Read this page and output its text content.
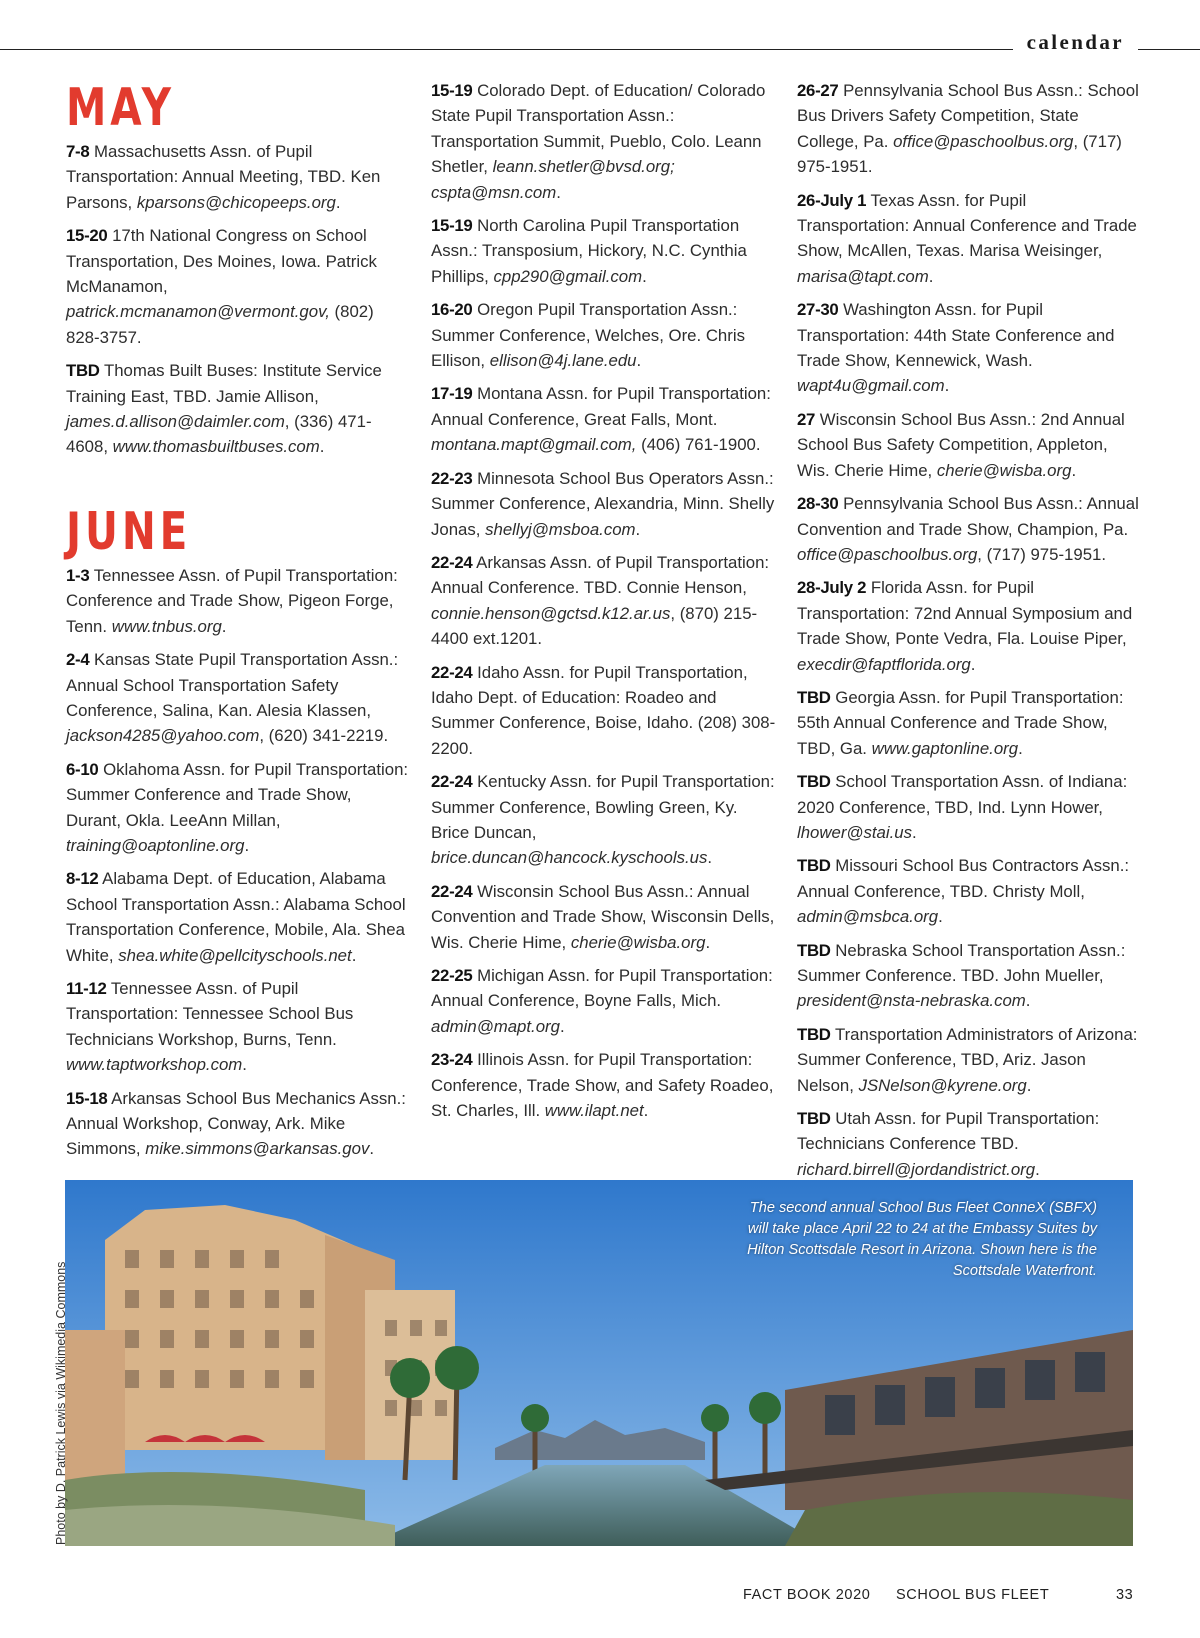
calendar
MAY

7-8 Massachusetts Assn. of Pupil Transportation: Annual Meeting, TBD. Ken Parsons, kparsons@chicopeeps.org.

15-20 17th National Congress on School Transportation, Des Moines, Iowa. Patrick McManamon, patrick.mcmanamon@vermont.gov, (802) 828-3757.

TBD Thomas Built Buses: Institute Service Training East, TBD. Jamie Allison, james.d.allison@daimler.com, (336) 471-4608, www.thomasbuiltbuses.com.

JUNE

1-3 Tennessee Assn. of Pupil Transportation: Conference and Trade Show, Pigeon Forge, Tenn. www.tnbus.org.

2-4 Kansas State Pupil Transportation Assn.: Annual School Transportation Safety Conference, Salina, Kan. Alesia Klassen, jackson4285@yahoo.com, (620) 341-2219.

6-10 Oklahoma Assn. for Pupil Transportation: Summer Conference and Trade Show, Durant, Okla. LeeAnn Millan, training@oaptonline.org.

8-12 Alabama Dept. of Education, Alabama School Transportation Assn.: Alabama School Transportation Conference, Mobile, Ala. Shea White, shea.white@pellcityschools.net.

11-12 Tennessee Assn. of Pupil Transportation: Tennessee School Bus Technicians Workshop, Burns, Tenn. www.taptworkshop.com.

15-18 Arkansas School Bus Mechanics Assn.: Annual Workshop, Conway, Ark. Mike Simmons, mike.simmons@arkansas.gov.

15-19 Colorado Dept. of Education/ Colorado State Pupil Transportation Assn.: Transportation Summit, Pueblo, Colo. Leann Shetler, leann.shetler@bvsd.org; cspta@msn.com.

15-19 North Carolina Pupil Transportation Assn.: Transposium, Hickory, N.C. Cynthia Phillips, cpp290@gmail.com.

16-20 Oregon Pupil Transportation Assn.: Summer Conference, Welches, Ore. Chris Ellison, ellison@4j.lane.edu.

17-19 Montana Assn. for Pupil Transportation: Annual Conference, Great Falls, Mont. montana.mapt@gmail.com, (406) 761-1900.

22-23 Minnesota School Bus Operators Assn.: Summer Conference, Alexandria, Minn. Shelly Jonas, shellyj@msboa.com.

22-24 Arkansas Assn. of Pupil Transportation: Annual Conference. TBD. Connie Henson, connie.henson@gctsd.k12.ar.us, (870) 215-4400 ext.1201.

22-24 Idaho Assn. for Pupil Transportation, Idaho Dept. of Education: Roadeo and Summer Conference, Boise, Idaho. (208) 308-2200.

22-24 Kentucky Assn. for Pupil Transportation: Summer Conference, Bowling Green, Ky. Brice Duncan, brice.duncan@hancock.kyschools.us.

22-24 Wisconsin School Bus Assn.: Annual Convention and Trade Show, Wisconsin Dells, Wis. Cherie Hime, cherie@wisba.org.

22-25 Michigan Assn. for Pupil Transportation: Annual Conference, Boyne Falls, Mich. admin@mapt.org.

23-24 Illinois Assn. for Pupil Transportation: Conference, Trade Show, and Safety Roadeo, St. Charles, Ill. www.ilapt.net.

26-27 Pennsylvania School Bus Assn.: School Bus Drivers Safety Competition, State College, Pa. office@paschoolbus.org, (717) 975-1951.

26-July 1 Texas Assn. for Pupil Transportation: Annual Conference and Trade Show, McAllen, Texas. Marisa Weisinger, marisa@tapt.com.

27-30 Washington Assn. for Pupil Transportation: 44th State Conference and Trade Show, Kennewick, Wash. wapt4u@gmail.com.

27 Wisconsin School Bus Assn.: 2nd Annual School Bus Safety Competition, Appleton, Wis. Cherie Hime, cherie@wisba.org.

28-30 Pennsylvania School Bus Assn.: Annual Convention and Trade Show, Champion, Pa. office@paschoolbus.org, (717) 975-1951.

28-July 2 Florida Assn. for Pupil Transportation: 72nd Annual Symposium and Trade Show, Ponte Vedra, Fla. Louise Piper, execdir@faptflorida.org.

TBD Georgia Assn. for Pupil Transportation: 55th Annual Conference and Trade Show, TBD, Ga. www.gaptonline.org.

TBD School Transportation Assn. of Indiana: 2020 Conference, TBD, Ind. Lynn Hower, lhower@stai.us.

TBD Missouri School Bus Contractors Assn.: Annual Conference, TBD. Christy Moll, admin@msbca.org.

TBD Nebraska School Transportation Assn.: Summer Conference. TBD. John Mueller, president@nsta-nebraska.com.

TBD Transportation Administrators of Arizona: Summer Conference, TBD, Ariz. Jason Nelson, JSNelson@kyrene.org.

TBD Utah Assn. for Pupil Transportation: Technicians Conference TBD. richard.birrell@jordandistrict.org.

The second annual School Bus Fleet ConneX (SBFX) will take place April 22 to 24 at the Embassy Suites by Hilton Scottsdale Resort in Arizona. Shown here is the Scottsdale Waterfront.
Photo by D. Patrick Lewis via Wikimedia Commons
FACT BOOK 2020 SCHOOL BUS FLEET	33
